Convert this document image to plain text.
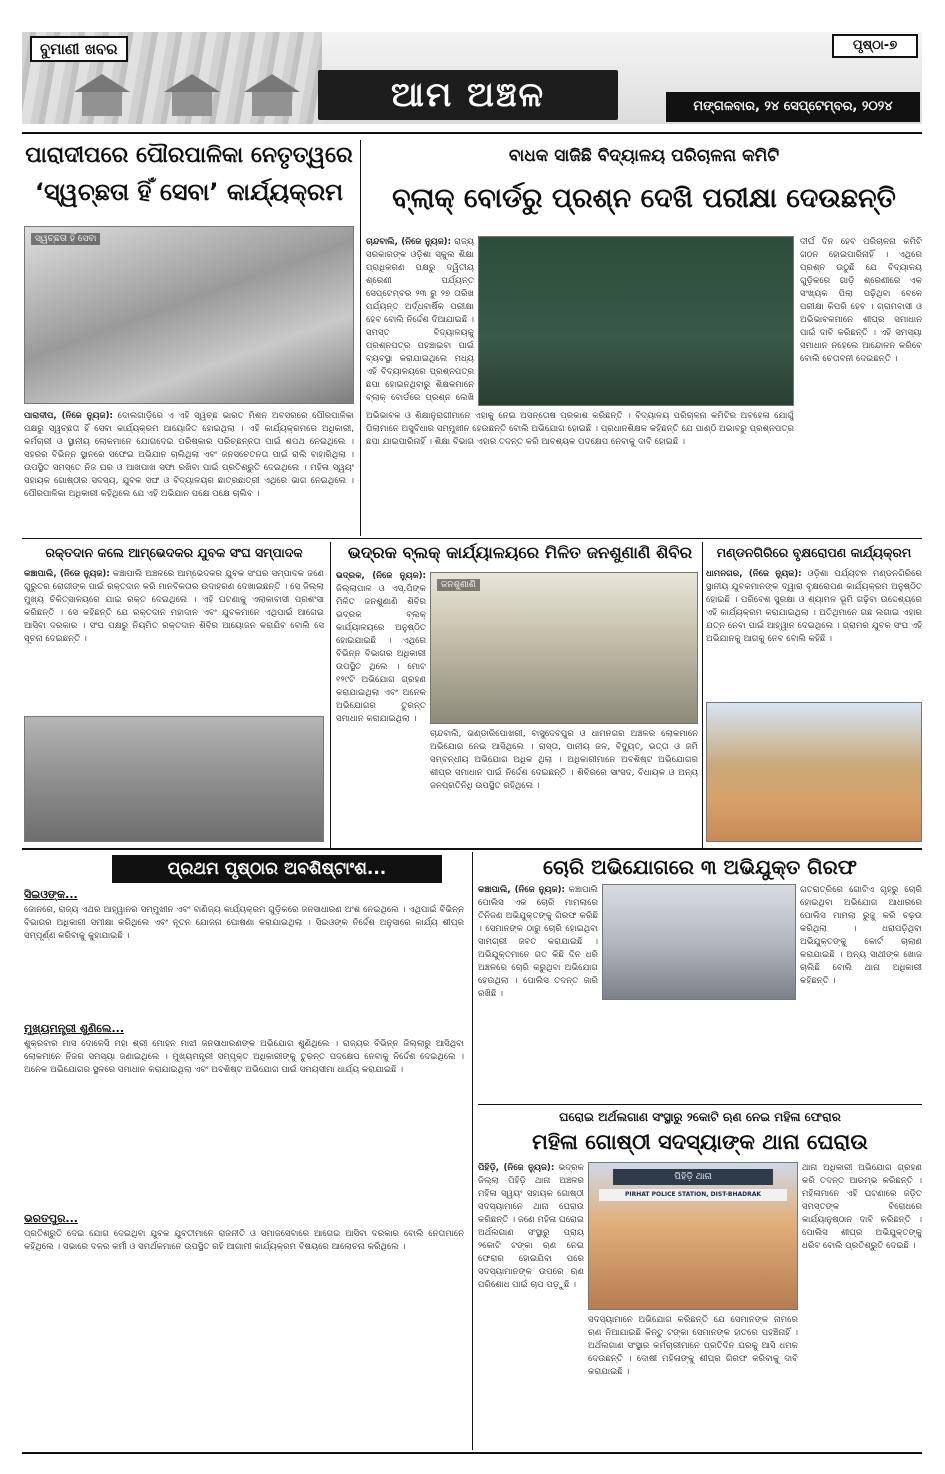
ବୁମାଣୀ ଖବର
ଆମ ଅଞ୍ଚଳ
ପୃଷ୍ଠା-୭
ମଙ୍ଗଳବାର, ୨୪ ସେପ୍ଟେମ୍ବର, ୨୦୨୪
ପାରାଦୀପରେ ପୌରପାଳିକା ନେତୃତ୍ୱରେ
‘ସ୍ୱଚ୍ଛତା ହିଁ ସେବା’ କାର୍ଯ୍ୟକ୍ରମ
ସ୍ୱଚ୍ଛତା ହିଁ ସେବା
ପାରାଦୀପ, (ନିଜେ ନ୍ୟୁଜ): ଦୋଲଗାଡ଼ିରେ ଏ ଏହି ସ୍ୱଚ୍ଛ ଭାରତ ମିଶନ ଅବସରରେ ପୌରପାଳିକା ପକ୍ଷରୁ ସ୍ୱଚ୍ଛତା ହିଁ ସେବା କାର୍ଯ୍ୟକ୍ରମ ଆୟୋଜିତ ହୋଇଥିଲା । ଏହି କାର୍ଯ୍ୟକ୍ରମରେ ଅଧିକାରୀ, କର୍ମଚାରୀ ଓ ସ୍ଥାନୀୟ ଲୋକମାନେ ଯୋଗଦେଇ ପରିଷ୍କାର ପରିଚ୍ଛନ୍ନତା ପାଇଁ ଶପଥ ନେଇଥିଲେ । ସହରର ବିଭିନ୍ନ ସ୍ଥାନରେ ସଫେଇ ଅଭିଯାନ ଚାଲିଥିଲା ଏବଂ ଜନସଚେତନତା ପାଇଁ ରାଲି ବାହାରିଥିଲା । ଉପସ୍ଥିତ ସମସ୍ତେ ନିଜ ଘର ଓ ଆଖପାଖ ସଫା ରଖିବା ପାଇଁ ପ୍ରତିଶ୍ରୁତି ଦେଇଥିଲେ । ମହିଳା ସ୍ୱୟଂ ସହାୟକ ଗୋଷ୍ଠୀର ସଦସ୍ୟ, ଯୁବକ ସଙ୍ଘ ଓ ବିଦ୍ୟାଳୟର ଛାତ୍ରଛାତ୍ରୀ ଏଥିରେ ଭାଗ ନେଇଥିଲେ । ପୌରପାଳିକା ଅଧିକାରୀ କହିଥିଲେ ଯେ ଏହି ଅଭିଯାନ ପକ୍ଷେ ପକ୍ଷେ ଚାଲିବ ।
ବାଧକ ସାଜିଛି ବିଦ୍ୟାଳୟ ପରିଚାଳନା କମିଟି
ବ୍ଲାକ୍ ବୋର୍ଡରୁ ପ୍ରଶ୍ନ ଦେଖି ପରୀକ୍ଷା ଦେଉଛନ୍ତି
ଚାନ୍ଦବାଲି, (ନିଜେ ନ୍ୟୁଜ): ରାଜ୍ୟ ସରକାରଙ୍କ ଓଡ଼ିଶା ସ୍କୁଲ ଶିକ୍ଷା ପ୍ରାଧିକରଣ ପକ୍ଷରୁ ଦ୍ୱିତୀୟ ଶ୍ରେଣୀ ପର୍ଯ୍ୟନ୍ତ ସେପ୍ଟେମ୍ବର ୨୩ ରୁ ୨୭ ତାରିଖ ପର୍ଯ୍ୟନ୍ତ ଅର୍ଦ୍ଧବାର୍ଷିକ ପରୀକ୍ଷା ହେବ ବୋଲି ନିର୍ଦ୍ଦେଶ ଦିଆଯାଇଛି । ସମସ୍ତ ବିଦ୍ୟାଳୟକୁ ପ୍ରଶ୍ନପତ୍ର ପହଞ୍ଚାଇବା ପାଇଁ ବ୍ୟବସ୍ଥା କରାଯାଇଥିଲେ ମଧ୍ୟ ଏହି ବିଦ୍ୟାଳୟରେ ପ୍ରଶ୍ନପତ୍ର ଛପା ହୋଇନଥିବାରୁ ଶିକ୍ଷକମାନେ ବ୍ଲାକ୍ ବୋର୍ଡରେ ପ୍ରଶ୍ନ ଲେଖି
ଦୀର୍ଘ ଦିନ ହେବ ପରିଚାଳନା କମିଟି ଗଠନ ହୋଇପାରିନାହିଁ । ଏଥିରେ ପ୍ରଶ୍ନ ଉଠୁଛି ଯେ ବିଦ୍ୟାଳୟ ଗୁଡ଼ିକରେ ଗାଡ଼ି ଶ୍ରେଣୀରେ ଏକ ସଂଖ୍ୟକ ପିଲା ପଢ଼ିଥିବା ବେଳେ ପରୀକ୍ଷା କିପରି ହେବ । ଗ୍ରାମବାସୀ ଓ ଅଭିଭାବକମାନେ ଶୀଘ୍ର ସମାଧାନ ପାଇଁ ଦାବି କରିଛନ୍ତି । ଏହି ସମସ୍ୟା ସମାଧାନ ନହେଲେ ଆନ୍ଦୋଳନ କରିବେ ବୋଲି ଚେତାବନୀ ଦେଇଛନ୍ତି ।
ଅଭିଭାବକ ଓ ଶିକ୍ଷାନୁରାଗୀମାନେ ଏହାକୁ ନେଇ ଅସନ୍ତୋଷ ପ୍ରକାଶ କରିଛନ୍ତି । ବିଦ୍ୟାଳୟ ପରିଚାଳନା କମିଟିର ଅବହେଳା ଯୋଗୁଁ ପିଲାମାନେ ଅସୁବିଧାର ସମ୍ମୁଖୀନ ହେଉଛନ୍ତି ବୋଲି ଅଭିଯୋଗ ହୋଇଛି । ପ୍ରଧାନଶିକ୍ଷକ କହିଛନ୍ତି ଯେ ପାଣ୍ଠି ଅଭାବରୁ ପ୍ରଶ୍ନପତ୍ର ଛପା ଯାଇପାରିନାହିଁ । ଶିକ୍ଷା ବିଭାଗ ଏହାର ତଦନ୍ତ କରି ଆବଶ୍ୟକ ପଦକ୍ଷେପ ନେବାକୁ ଦାବି ହୋଇଛି ।
ରକ୍ତଦାନ କଲେ ଆମ୍ଭେଦକର ଯୁବକ ସଂଘ ସମ୍ପାଦକ
କଞ୍ଚାପାଲି, (ନିଜେ ନ୍ୟୁଜ): କଞ୍ଚାପାଲି ଅଞ୍ଚଳରେ ଆମ୍ଭେଦକର ଯୁବକ ସଂଘର ସମ୍ପାଦକ ଜଣେ ଗୁରୁତର ରୋଗୀଙ୍କ ପାଇଁ ରକ୍ତଦାନ କରି ମାନବିକତାର ଉଦାହରଣ ଦେଖାଇଛନ୍ତି । ସେ ଜିଲ୍ଲା ମୁଖ୍ୟ ଚିକିତ୍ସାଳୟରେ ଯାଇ ରକ୍ତ ଦେଇଥିଲେ । ଏହି ଘଟଣାକୁ ଏଲାକାବାସୀ ପ୍ରଶଂସା କରିଛନ୍ତି । ସେ କହିଛନ୍ତି ଯେ ରକ୍ତଦାନ ମହାଦାନ ଏବଂ ଯୁବକମାନେ ଏଥିପାଇଁ ଆଗେଇ ଆସିବା ଦରକାର । ସଂଘ ପକ୍ଷରୁ ନିୟମିତ ରକ୍ତଦାନ ଶିବିର ଆୟୋଜନ କରାଯିବ ବୋଲି ସେ ସୂଚନା ଦେଇଛନ୍ତି ।
ଭଦ୍ରକ ବ୍ଲକ୍ କାର୍ଯ୍ୟାଳୟରେ ମିଳିତ ଜନଶୁଣାଣି ଶିବିର
ଭଦ୍ରକ, (ନିଜେ ନ୍ୟୁଜ): ଜିଲ୍ଲାପାଳ ଓ ଏସ୍.ପିଙ୍କ ମିଳିତ ଜନଶୁଣାଣି ଶିବିର ଭଦ୍ରକ ବ୍ଲକ୍ କାର୍ଯ୍ୟାଳୟରେ ଅନୁଷ୍ଠିତ ହୋଇଯାଇଛି । ଏଥିରେ ବିଭିନ୍ନ ବିଭାଗର ଅଧିକାରୀ ଉପସ୍ଥିତ ଥିଲେ । ମୋଟ ୧୨୯ଟି ଅଭିଯୋଗ ଗ୍ରହଣ କରାଯାଇଥିଲା ଏବଂ ଅନେକ ଅଭିଯୋଗର ତୁରନ୍ତ ସମାଧାନ କରାଯାଇଥିଲା ।
ଜନଶୁଣାଣି
ଚାନ୍ଦବାଲି, ଭଣ୍ଡାରିପୋଖରୀ, ବାସୁଦେବପୁର ଓ ଧାମନଗର ଅଞ୍ଚଳର ଲୋକମାନେ ଅଭିଯୋଗ ନେଇ ଆସିଥିଲେ । ରାସ୍ତା, ପାନୀୟ ଜଳ, ବିଦ୍ୟୁତ୍, ଭତ୍ତା ଓ ଜମି ସମ୍ବନ୍ଧୀୟ ଅଭିଯୋଗ ଅଧିକ ଥିଲା । ଅଧିକାରୀମାନେ ଅବଶିଷ୍ଟ ଅଭିଯୋଗର ଶୀଘ୍ର ସମାଧାନ ପାଇଁ ନିର୍ଦ୍ଦେଶ ଦେଇଛନ୍ତି । ଶିବିରରେ ସାଂସଦ, ବିଧାୟକ ଓ ଅନ୍ୟ ଜନପ୍ରତିନିଧି ଉପସ୍ଥିତ ରହିଥିଲେ ।
ମଣ୍ଡନଗିରିରେ ବୃକ୍ଷରୋପଣ କାର୍ଯ୍ୟକ୍ରମ
ଧାମନଗର, (ନିଜେ ନ୍ୟୁଜ): ଓଡ଼ିଶା ପର୍ଯ୍ୟଟନ ମଣ୍ଡନଗିରିରେ ସ୍ଥାନୀୟ ଯୁବକମାନଙ୍କ ଦ୍ୱାରା ବୃକ୍ଷରୋପଣ କାର୍ଯ୍ୟକ୍ରମ ଅନୁଷ୍ଠିତ ହୋଇଛି । ପରିବେଶ ସୁରକ୍ଷା ଓ ଶ୍ୟାମଳ ଭୂମି ଗଢ଼ିବା ଉଦ୍ଦେଶ୍ୟରେ ଏହି କାର୍ଯ୍ୟକ୍ରମ କରାଯାଇଥିଲା । ଅତିଥିମାନେ ଗଛ ଲଗାଇ ଏହାର ଯତ୍ନ ନେବା ପାଇଁ ଆହ୍ୱାନ ଦେଇଥିଲେ । ଗ୍ରାମର ଯୁବକ ସଂଘ ଏହି ଅଭିଯାନକୁ ଆଗକୁ ନେବ ବୋଲି କହିଛି ।
ପ୍ରଥମ ପୃଷ୍ଠାର ଅବଶିଷ୍ଟାଂଶ...
ସିଇଓଙ୍କ...
ଜୋନରେ, ରାଜ୍ୟ ଏଥର ଆହ୍ୱାନର ସମ୍ମୁଖୀନ ଏବଂ ବାଣିଜ୍ୟ କାର୍ଯ୍ୟକ୍ରମ ଗୁଡ଼ିକରେ ଜନସାଧାରଣ ଅଂଶ ନେଇଥିଲେ । ଏଥିପାଇଁ ବିଭିନ୍ନ ବିଭାଗର ଅଧିକାରୀ ସମୀକ୍ଷା କରିଥିଲେ ଏବଂ ନୂତନ ଯୋଜନା ଘୋଷଣା କରାଯାଇଥିଲା । ସିଇଓଙ୍କ ନିର୍ଦ୍ଦେଶ ଅନୁସାରେ କାର୍ଯ୍ୟ ଶୀଘ୍ର ସମ୍ପୂର୍ଣ୍ଣ କରିବାକୁ କୁହାଯାଇଛି ।
ମୁଖ୍ୟମନ୍ତ୍ରୀ ଶୁଣିଲେ...
ଶୁକ୍ରବାର ମାସ ଦୋଳେସି ମହା ଶ୍ରୀ ମୋହନ ମାଝୀ ଜନସାଧାରଣଙ୍କ ଅଭିଯୋଗ ଶୁଣିଥିଲେ । ରାଜ୍ୟର ବିଭିନ୍ନ ଜିଲ୍ଲାରୁ ଆସିଥିବା ଲୋକମାନେ ନିଜର ସମସ୍ୟା ଜଣାଇଥିଲେ । ମୁଖ୍ୟମନ୍ତ୍ରୀ ସମ୍ପୃକ୍ତ ଅଧିକାରୀଙ୍କୁ ତୁରନ୍ତ ପଦକ୍ଷେପ ନେବାକୁ ନିର୍ଦ୍ଦେଶ ଦେଇଥିଲେ । ଅନେକ ଅଭିଯୋଗର ସ୍ଥଳରେ ସମାଧାନ କରାଯାଇଥିଲା ଏବଂ ଅବଶିଷ୍ଟ ଅଭିଯୋଗ ପାଇଁ ସମୟସୀମା ଧାର୍ଯ୍ୟ କରାଯାଇଛି ।
ଭରତପୁର...
ପ୍ରତିଶ୍ରୁତି ଦେଇ ଯୋଗ ଦେଇଥିବା ଯୁବକ ଯୁବତୀମାନେ ରାଜନୀତି ଓ ସମାଜସେବାରେ ଆଗେଇ ଆସିବା ଦରକାର ବୋଲି ନେତାମାନେ କହିଥିଲେ । ସଭାରେ ଦଳର କର୍ମୀ ଓ ସମର୍ଥକମାନେ ଉପସ୍ଥିତ ରହି ଆଗାମୀ କାର୍ଯ୍ୟକ୍ରମ ବିଷୟରେ ଆଲୋଚନା କରିଥିଲେ ।
ଚୋରି ଅଭିଯୋଗରେ ୩ ଅଭିଯୁକ୍ତ ଗିରଫ
କଞ୍ଚାପାଲି, (ନିଜେ ନ୍ୟୁଜ): କଞ୍ଚାପାଲି ପୋଲିସ ଏକ ଚୋରି ମାମଲାରେ ତିନିଜଣ ଅଭିଯୁକ୍ତଙ୍କୁ ଗିରଫ କରିଛି । ସେମାନଙ୍କ ଠାରୁ ଚୋରି ହୋଇଥିବା ସାମଗ୍ରୀ ଜବତ କରାଯାଇଛି । ଅଭିଯୁକ୍ତମାନେ ଗତ କିଛି ଦିନ ଧରି ଅଞ୍ଚଳରେ ଚୋରି କରୁଥିବା ଅଭିଯୋଗ ହେଉଥିଲା । ପୋଲିସ ତଦନ୍ତ ଜାରି ରଖିଛି ।
ଗତରାତ୍ରିରେ ଗୋଟିଏ ଗୃହରୁ ଚୋରି ହୋଇଥିବା ଅଭିଯୋଗ ଆଧାରରେ ପୋଲିସ ମାମଲା ରୁଜୁ କରି ଚଢ଼ଉ କରିଥିଲା । ଧରାପଡ଼ିଥିବା ଅଭିଯୁକ୍ତଙ୍କୁ କୋର୍ଟ ଚାଲାଣ କରାଯାଇଛି । ଅନ୍ୟ ସାଥୀଙ୍କ ଖୋଜ ଚାଲିଛି ବୋଲି ଥାନା ଅଧିକାରୀ କହିଛନ୍ତି ।
ଘରୋଇ ଅର୍ଥଲଗାଣ ସଂସ୍ଥାରୁ ୨କୋଟି ଋଣ ନେଇ ମହିଳା ଫେରାର
ମହିଳା ଗୋଷ୍ଠୀ ସଦସ୍ୟାଙ୍କ ଥାନା ଘେରାଉ
ପିହିଡ଼ି, (ନିଜେ ନ୍ୟୁଜ): ଭଦ୍ରକ ଜିଲ୍ଲା ପିହିଡ଼ି ଥାନା ଅଞ୍ଚଳର ମହିଳା ସ୍ୱୟଂ ସହାୟକ ଗୋଷ୍ଠୀ ସଦସ୍ୟାମାନେ ଥାନା ଘେରାଉ କରିଛନ୍ତି । ଜଣେ ମହିଳା ଘରୋଇ ଅର୍ଥଲଗାଣ ସଂସ୍ଥାରୁ ପ୍ରାୟ ୨କୋଟି ଟଙ୍କା ଋଣ ନେଇ ଫେରାର ହୋଇଯିବା ପରେ ସଦସ୍ୟାମାନଙ୍କ ଉପରେ ଋଣ ପରିଶୋଧ ପାଇଁ ଚାପ ପଡ଼ୁଛି ।
ପିହିଡ଼ି ଥାନା
PIRHAT POLICE STATION, DIST-BHADRAK
ସଦସ୍ୟାମାନେ ଅଭିଯୋଗ କରିଛନ୍ତି ଯେ ସେମାନଙ୍କ ନାମରେ ଋଣ ନିଆଯାଇଛି କିନ୍ତୁ ଟଙ୍କା ସେମାନଙ୍କ ହାତରେ ପହଞ୍ଚିନାହିଁ । ଅର୍ଥଲଗାଣ ସଂସ୍ଥାର କର୍ମଚାରୀମାନେ ପ୍ରତିଦିନ ଘରକୁ ଆସି ଧମକ ଦେଉଛନ୍ତି । ଦୋଷୀ ମହିଳାଙ୍କୁ ଶୀଘ୍ର ଗିରଫ କରିବାକୁ ଦାବି କରାଯାଇଛି ।
ଥାନା ଅଧିକାରୀ ଅଭିଯୋଗ ଗ୍ରହଣ କରି ତଦନ୍ତ ଆରମ୍ଭ କରିଛନ୍ତି । ମହିଳାମାନେ ଏହି ଘଟଣାରେ ଜଡ଼ିତ ସମସ୍ତଙ୍କ ବିରୋଧରେ କାର୍ଯ୍ୟାନୁଷ୍ଠାନ ଦାବି କରିଛନ୍ତି । ପୋଲିସ ଶୀଘ୍ର ଅଭିଯୁକ୍ତଙ୍କୁ ଧରିବ ବୋଲି ପ୍ରତିଶ୍ରୁତି ଦେଇଛି ।
